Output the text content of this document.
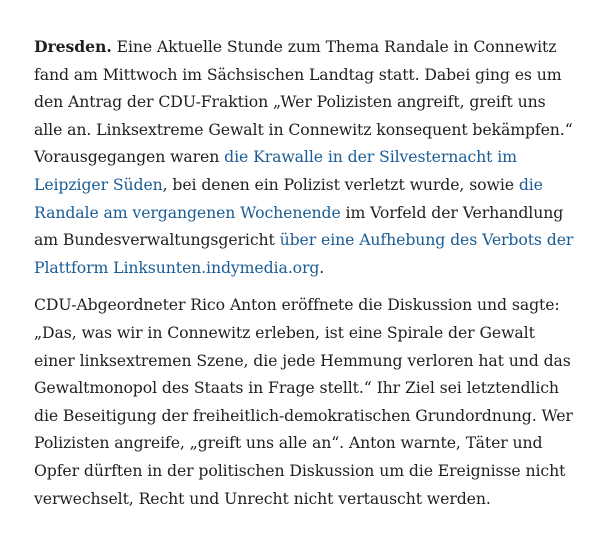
Dresden. Eine Aktuelle Stunde zum Thema Randale in Connewitz fand am Mittwoch im Sächsischen Landtag statt. Dabei ging es um den Antrag der CDU-Fraktion „Wer Polizisten angreift, greift uns alle an. Linksextreme Gewalt in Connewitz konsequent bekämpfen.“ Vorausgegangen waren die Krawalle in der Silvesternacht im Leipziger Süden, bei denen ein Polizist verletzt wurde, sowie die Randale am vergangenen Wochenende im Vorfeld der Verhandlung am Bundesverwaltungsgericht über eine Aufhebung des Verbots der Plattform Linksunten.indymedia.org.

CDU-Abgeordneter Rico Anton eröffnete die Diskussion und sagte: „Das, was wir in Connewitz erleben, ist eine Spirale der Gewalt einer linksextremen Szene, die jede Hemmung verloren hat und das Gewaltmonopol des Staats in Frage stellt.“ Ihr Ziel sei letztendlich die Beseitigung der freiheitlich-demokratischen Grundordnung. Wer Polizisten angreife, „greift uns alle an“. Anton warnte, Täter und Opfer dürften in der politischen Diskussion um die Ereignisse nicht verwechselt, Recht und Unrecht nicht vertauscht werden.
